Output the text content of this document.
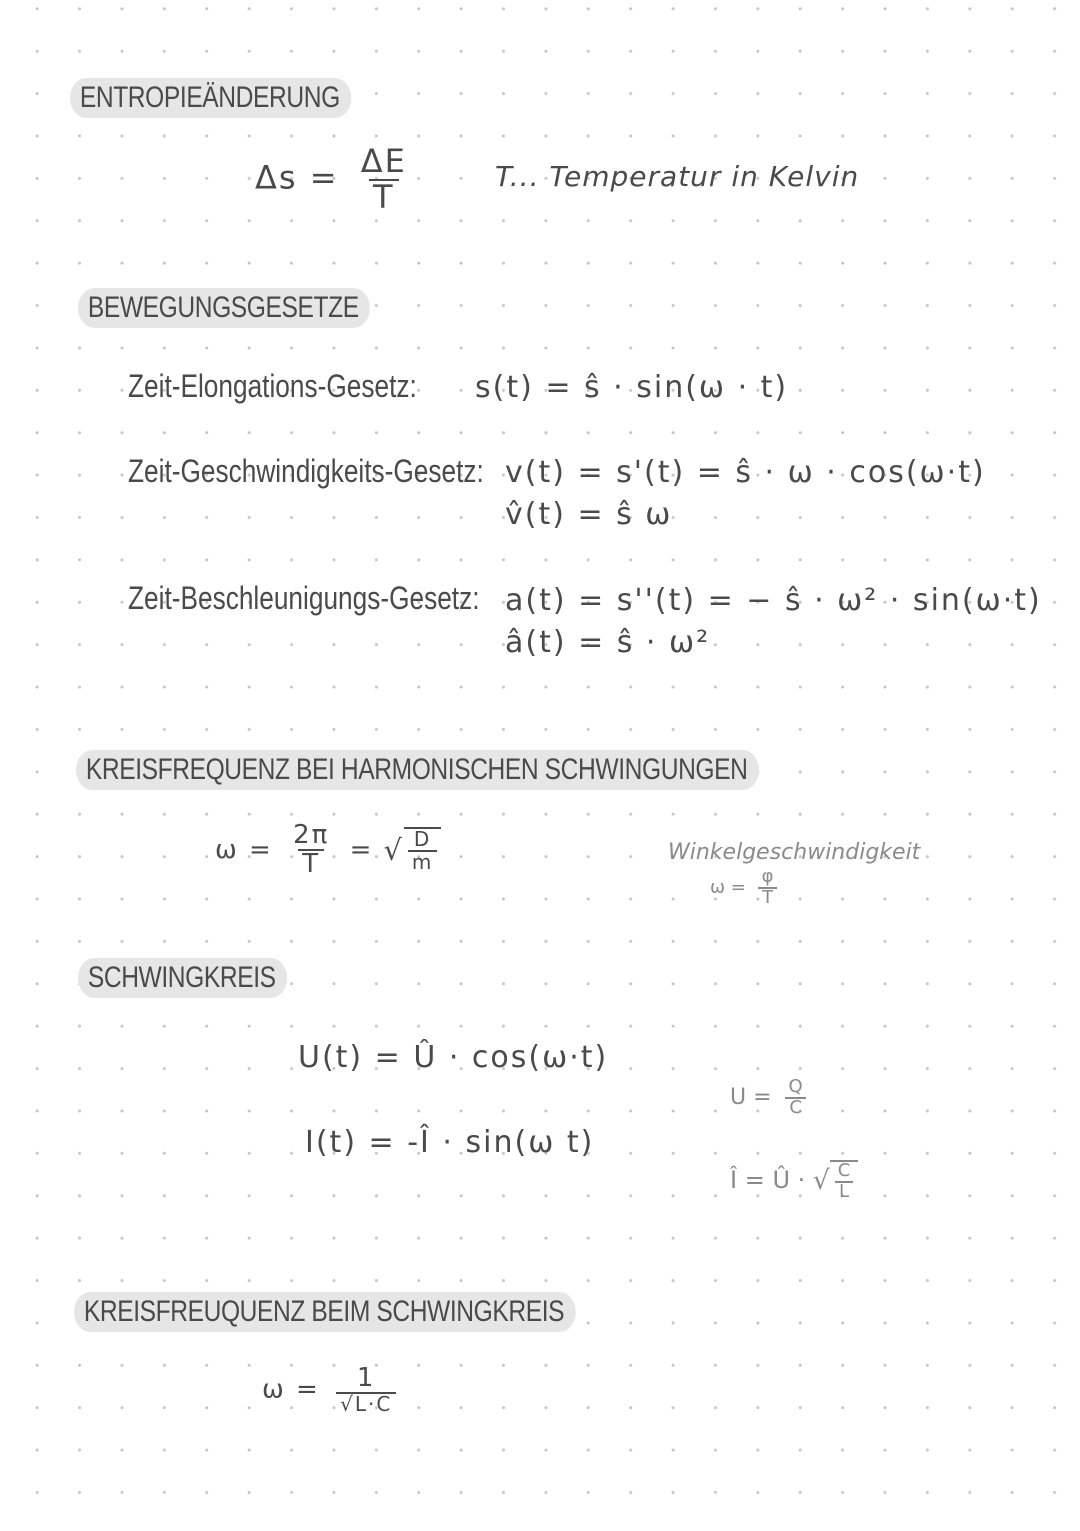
ENTROPIEÄNDERUNG
$\Delta s = \frac{\Delta E}{T}$	T... Temperatur in Kelvin
BEWEGUNGSGESETZE
Zeit-Elongations-Gesetz: s(t) = ŝ · sin(ω · t)
Zeit-Geschwindigkeits-Gesetz: v(t) = s'(t) = ŝ · ω · cos(ω·t)
v̂(t) = ŝ ω
Zeit-Beschleunigungs-Gesetz: a(t) = s''(t) = − ŝ · ω² · sin(ω·t)
â(t) = ŝ · ω²
KREISFREQUENZ BEI HARMONISCHEN SCHWINGUNGEN
$\omega = \frac{2\pi}{T}$ = √ $\frac{D}{m}$	Winkelgeschwindigkeit
$\omega = \frac{\varphi}{T}$
SCHWINGKREIS
U(t) = Û · cos(ω·t)
I(t) = -Î · sin(ω t)
$U = \frac{Q}{C}$
Î = Û · √ $\frac{C}{L}$
KREISFREUQUENZ BEIM SCHWINGKREIS
$\omega = \frac{1}{√L\cdot C}$
